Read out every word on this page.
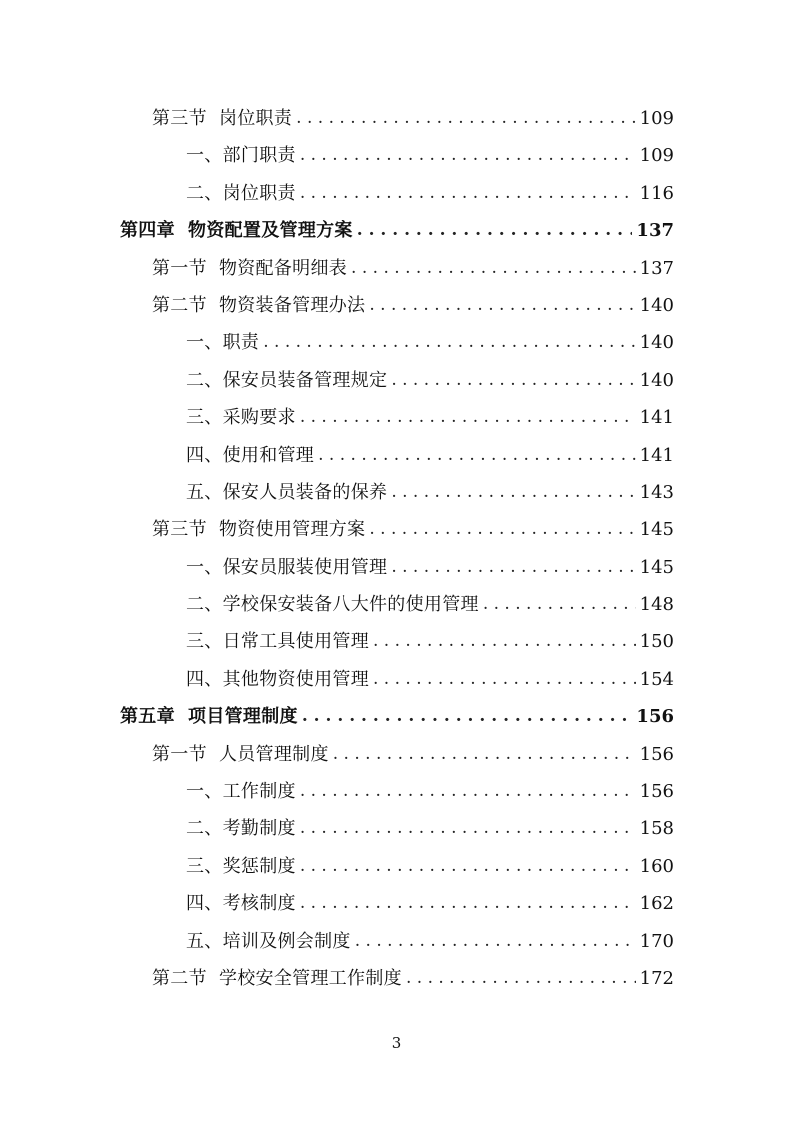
第三节  岗位职责 . . .	109
一、部门职责 . . .	109
二、岗位职责 . . .	116
第四章  物资配置及管理方案 . . .	137
第一节  物资配备明细表 . . .	137
第二节  物资装备管理办法 . . .	140
一、职责 . . .	140
二、保安员装备管理规定 . . .	140
三、采购要求 . . .	141
四、使用和管理 . . .	141
五、保安人员装备的保养 . . .	143
第三节  物资使用管理方案 . . .	145
一、保安员服装使用管理 . . .	145
二、学校保安装备八大件的使用管理 . . .	148
三、日常工具使用管理 . . .	150
四、其他物资使用管理 . . .	154
第五章  项目管理制度 . . .	156
第一节  人员管理制度 . . .	156
一、工作制度 . . .	156
二、考勤制度 . . .	158
三、奖惩制度 . . .	160
四、考核制度 . . .	162
五、培训及例会制度 . . .	170
第二节  学校安全管理工作制度 . . .	172
3
